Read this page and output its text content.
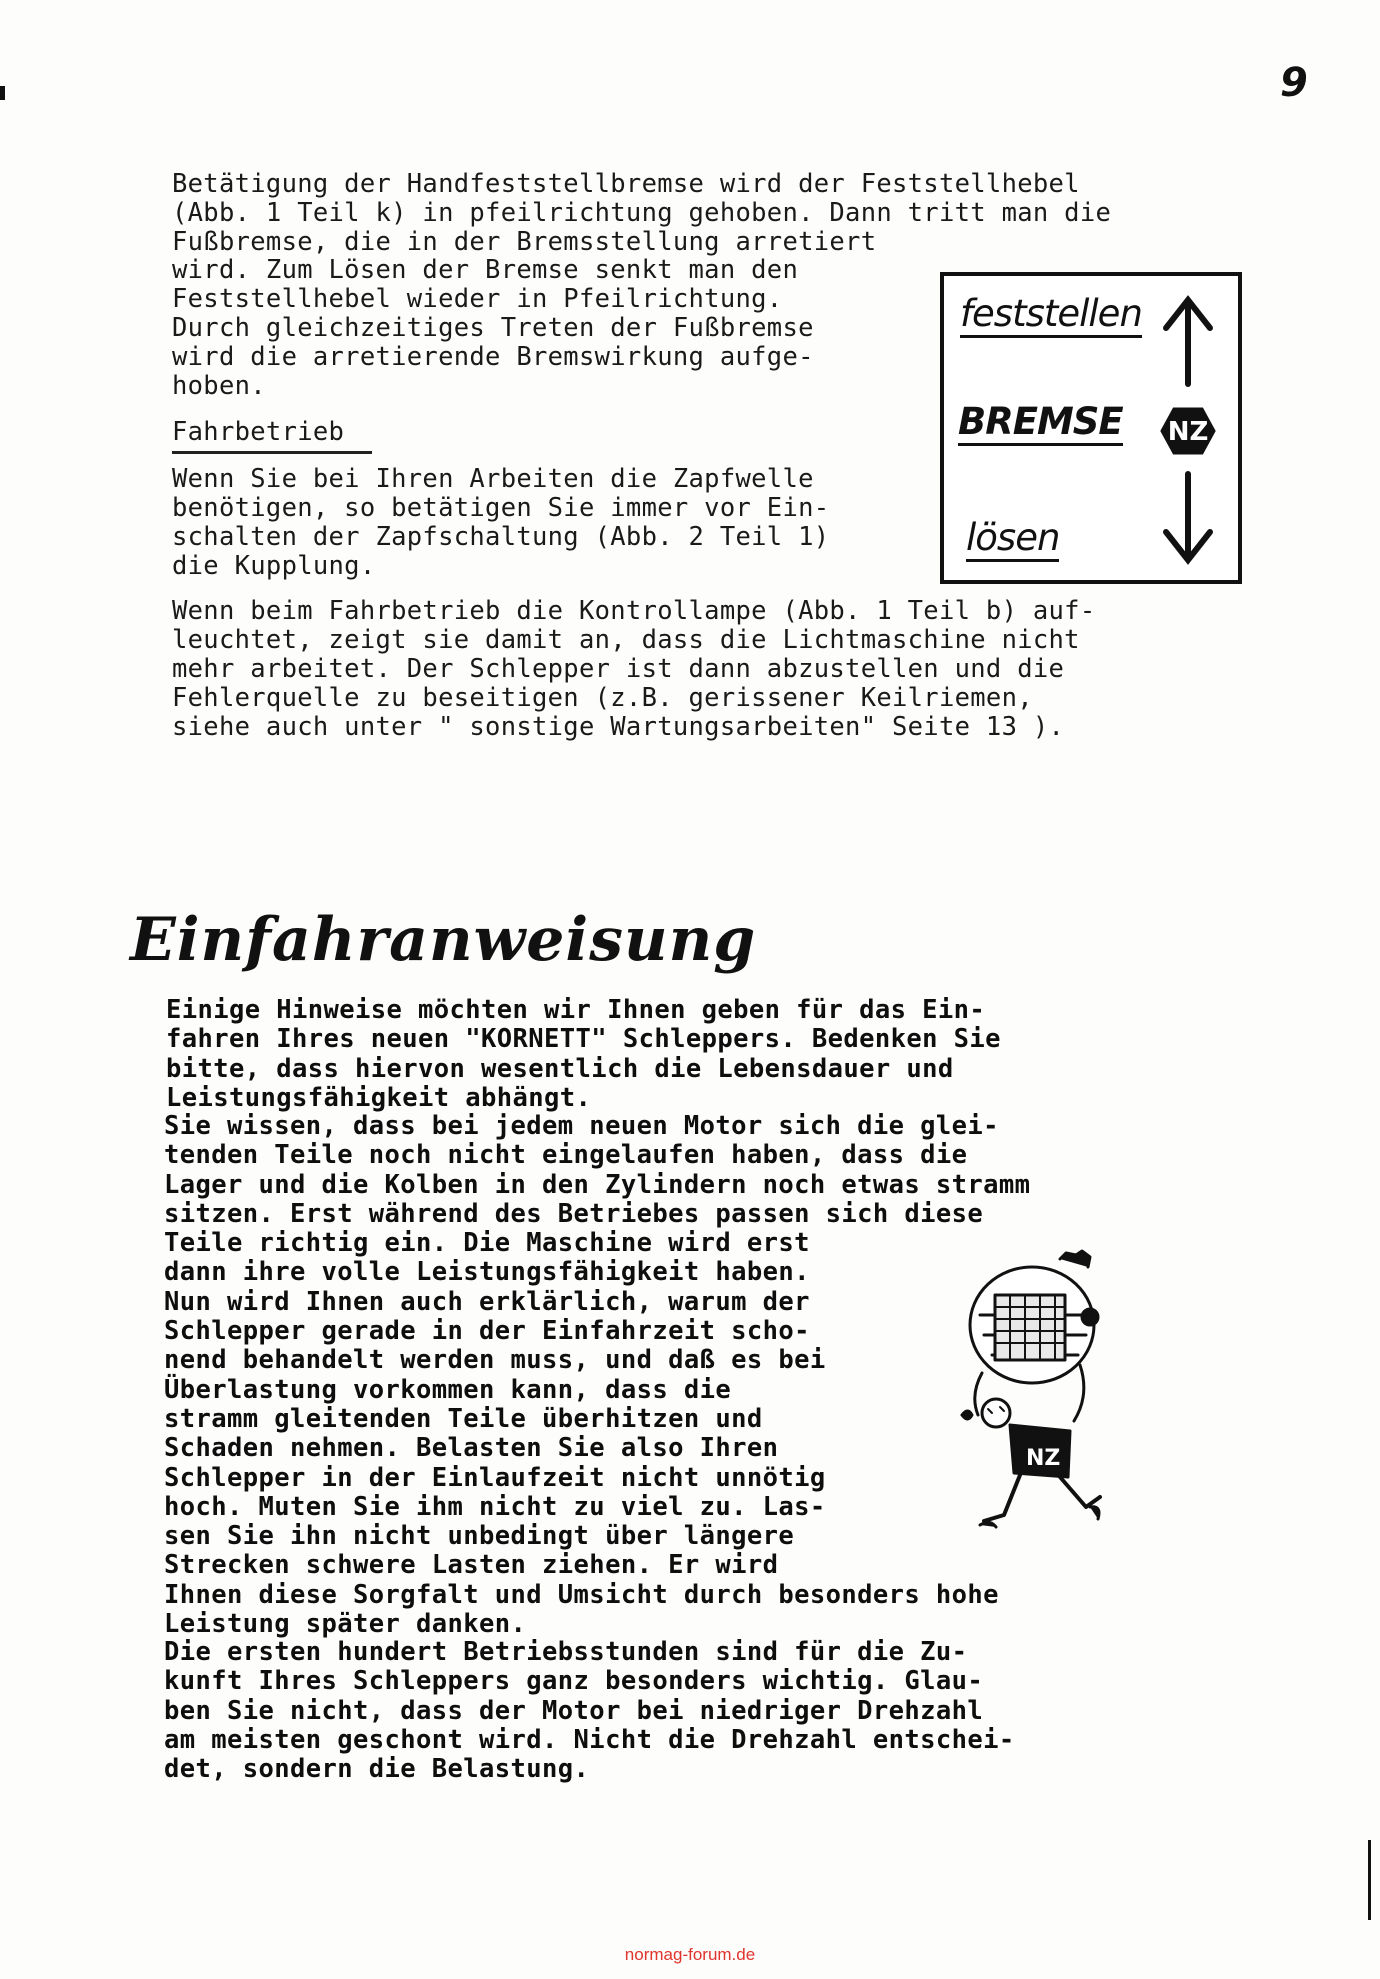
9
Betätigung der Handfeststellbremse wird der Feststellhebel
(Abb. 1 Teil k) in pfeilrichtung gehoben. Dann tritt man die
Fußbremse, die in der Bremsstellung arretiert
wird. Zum Lösen der Bremse senkt man den
Feststellhebel wieder in Pfeilrichtung.
Durch gleichzeitiges Treten der Fußbremse
wird die arretierende Bremswirkung aufge-
hoben.
Fahrbetrieb
Wenn Sie bei Ihren Arbeiten die Zapfwelle
benötigen, so betätigen Sie immer vor Ein-
schalten der Zapfschaltung (Abb. 2 Teil 1)
die Kupplung.
Wenn beim Fahrbetrieb die Kontrollampe (Abb. 1 Teil b) auf-
leuchtet, zeigt sie damit an, dass die Lichtmaschine nicht
mehr arbeitet. Der Schlepper ist dann abzustellen und die
Fehlerquelle zu beseitigen (z.B. gerissener Keilriemen,
siehe auch unter " sonstige Wartungsarbeiten" Seite 13 ).
feststellen
BREMSE
lösen
NZ
Einfahranweisung
Einige Hinweise möchten wir Ihnen geben für das Ein-
fahren Ihres neuen "KORNETT" Schleppers. Bedenken Sie
bitte, dass hiervon wesentlich die Lebensdauer und
Leistungsfähigkeit abhängt.
Sie wissen, dass bei jedem neuen Motor sich die glei-
tenden Teile noch nicht eingelaufen haben, dass die
Lager und die Kolben in den Zylindern noch etwas stramm
sitzen. Erst während des Betriebes passen sich diese
Teile richtig ein. Die Maschine wird erst
dann ihre volle Leistungsfähigkeit haben.
Nun wird Ihnen auch erklärlich, warum der
Schlepper gerade in der Einfahrzeit scho-
nend behandelt werden muss, und daß es bei
Überlastung vorkommen kann, dass die
stramm gleitenden Teile überhitzen und
Schaden nehmen. Belasten Sie also Ihren
Schlepper in der Einlaufzeit nicht unnötig
hoch. Muten Sie ihm nicht zu viel zu. Las-
sen Sie ihn nicht unbedingt über längere
Strecken schwere Lasten ziehen. Er wird
Ihnen diese Sorgfalt und Umsicht durch besonders hohe
Leistung später danken.
Die ersten hundert Betriebsstunden sind für die Zu-
kunft Ihres Schleppers ganz besonders wichtig. Glau-
ben Sie nicht, dass der Motor bei niedriger Drehzahl
am meisten geschont wird. Nicht die Drehzahl entschei-
det, sondern die Belastung.
NZ
normag-forum.de
